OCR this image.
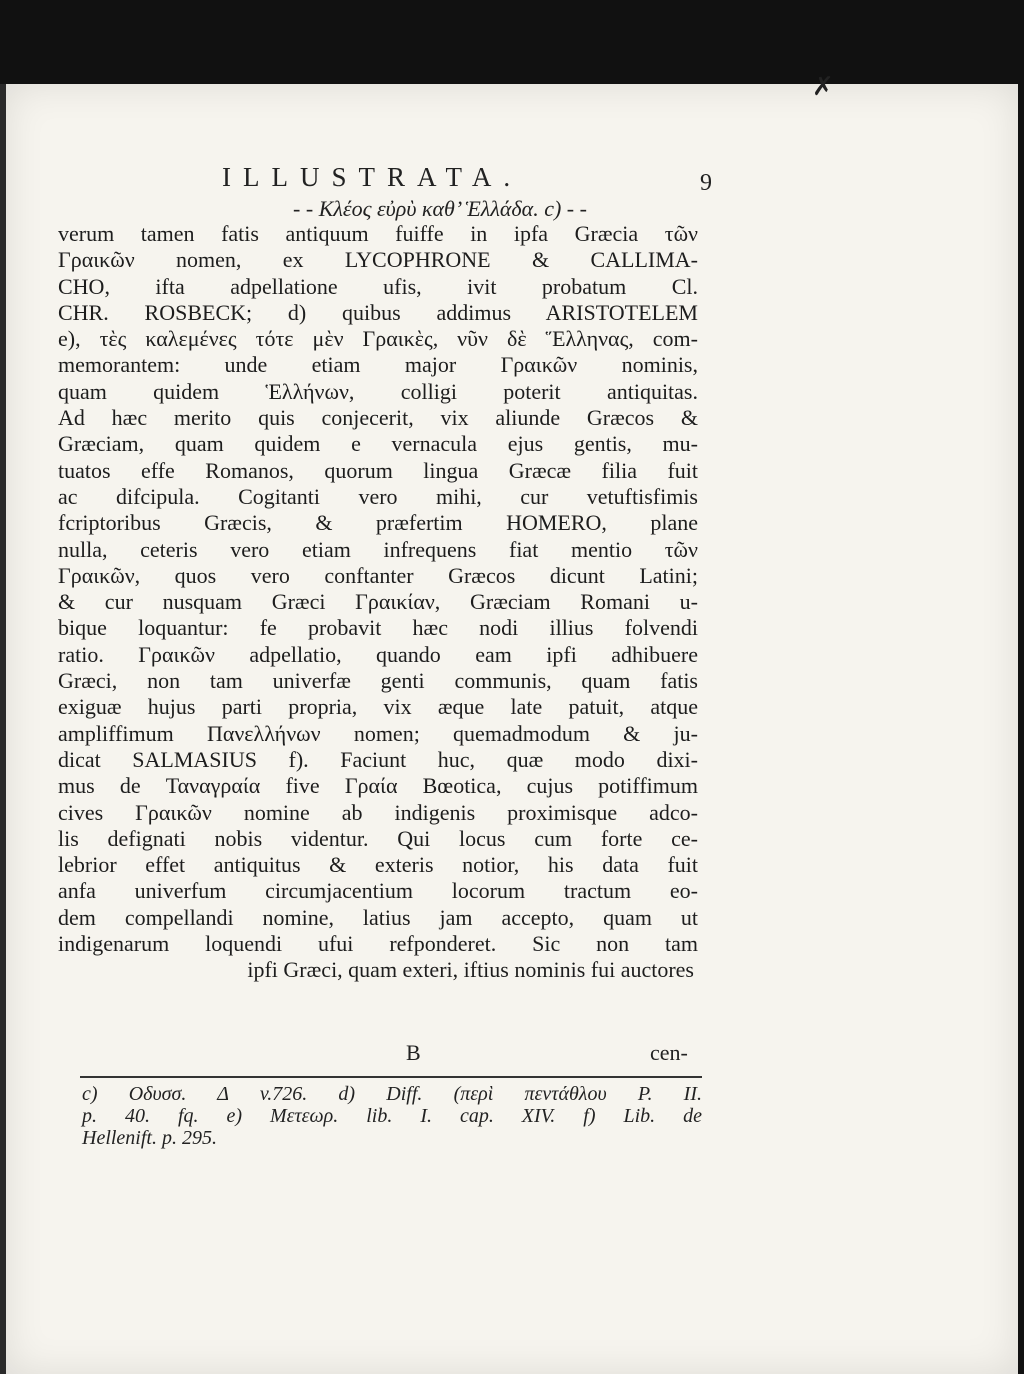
✗
ILLUSTRATA.	9
- - Κλέος εὐρὺ καθ’ Ἑλλάδα. c) - -
verum tamen fatis antiquum fuiffe in ipfa Græcia τῶν
Γραικῶν nomen, ex LYCOPHRONE & CALLIMA-
CHO, ifta adpellatione ufis, ivit probatum Cl.
CHR. ROSBECK; d) quibus addimus ARISTOTELEM
e), τὲς καλεμένες τότε μὲν Γραικὲς, νῦν δὲ Ἕλληνας, com-
memorantem: unde etiam major Γραικῶν nominis,
quam quidem Ἑλλήνων, colligi poterit antiquitas.
Ad hæc merito quis conjecerit, vix aliunde Græcos &
Græciam, quam quidem e vernacula ejus gentis, mu-
tuatos effe Romanos, quorum lingua Græcæ filia fuit
ac difcipula. Cogitanti vero mihi, cur vetuftisfimis
fcriptoribus Græcis, & præfertim HOMERO, plane
nulla, ceteris vero etiam infrequens fiat mentio τῶν
Γραικῶν, quos vero conftanter Græcos dicunt Latini;
& cur nusquam Græci Γραικίαν, Græciam Romani u-
bique loquantur: fe probavit hæc nodi illius folvendi
ratio. Γραικῶν adpellatio, quando eam ipfi adhibuere
Græci, non tam univerfæ genti communis, quam fatis
exiguæ hujus parti propria, vix æque late patuit, atque
ampliffimum Πανελλήνων nomen; quemadmodum & ju-
dicat SALMASIUS f). Faciunt huc, quæ modo dixi-
mus de Ταναγραία five Γραία Bœotica, cujus potiffimum
cives Γραικῶν nomine ab indigenis proximisque adco-
lis defignati nobis videntur. Qui locus cum forte ce-
lebrior effet antiquitus & exteris notior, his data fuit
anfa univerfum circumjacentium locorum tractum eo-
dem compellandi nomine, latius jam accepto, quam ut
indigenarum loquendi ufui refponderet. Sic non tam
ipfi Græci, quam exteri, iftius nominis fui auctores
B	cen-
c) Οδυσσ. Δ v.726. d) Diff. (περὶ πεντάθλου P. II.
p. 40. fq. e) Μετεωρ. lib. I. cap. XIV. f) Lib. de
Hellenift. p. 295.
